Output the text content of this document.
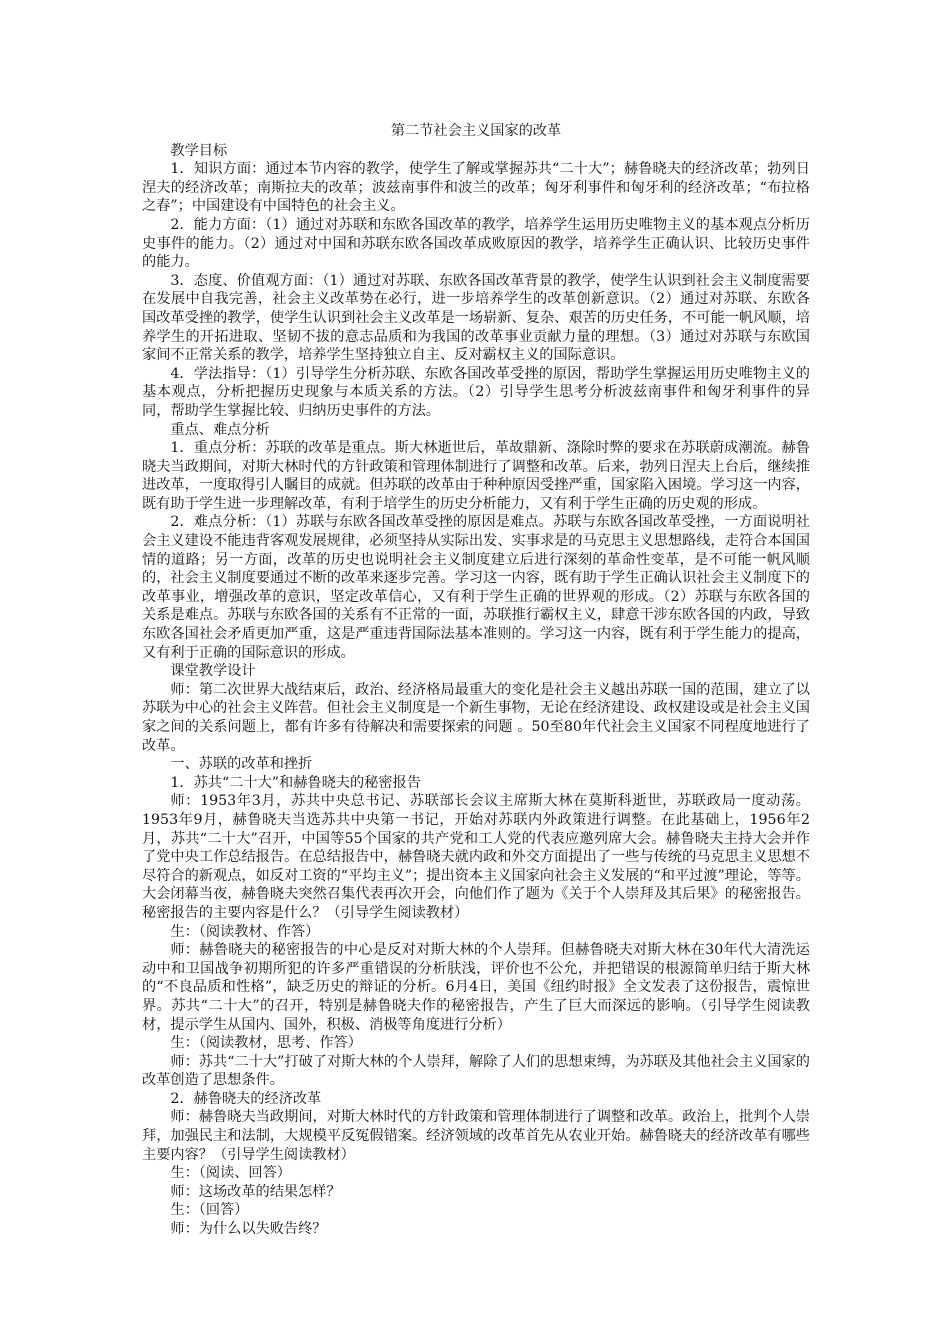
第二节社会主义国家的改革

教学目标

1．知识方面：通过本节内容的教学，使学生了解或掌握苏共“二十大”；赫鲁晓夫的经济改革；勃列日涅夫的经济改革；南斯拉夫的改革；波兹南事件和波兰的改革；匈牙利事件和匈牙利的经济改革；“布拉格之春”；中国建设有中国特色的社会主义。

2．能力方面：（1）通过对苏联和东欧各国改革的教学，培养学生运用历史唯物主义的基本观点分析历史事件的能力。（2）通过对中国和苏联东欧各国改革成败原因的教学，培养学生正确认识、比较历史事件的能力。

3．态度、价值观方面：（1）通过对苏联、东欧各国改革背景的教学，使学生认识到社会主义制度需要在发展中自我完善，社会主义改革势在必行，进一步培养学生的改革创新意识。（2）通过对苏联、东欧各国改革受挫的教学，使学生认识到社会主义改革是一场崭新、复杂、艰苦的历史任务，不可能一帆风顺，培养学生的开拓进取、坚韧不拔的意志品质和为我国的改革事业贡献力量的理想。（3）通过对苏联与东欧国家间不正常关系的教学，培养学生坚持独立自主、反对霸权主义的国际意识。

4．学法指导：（1）引导学生分析苏联、东欧各国改革受挫的原因，帮助学生掌握运用历史唯物主义的基本观点，分析把握历史现象与本质关系的方法。（2）引导学生思考分析波兹南事件和匈牙利事件的异同，帮助学生掌握比较、归纳历史事件的方法。

重点、难点分析

1．重点分析：苏联的改革是重点。斯大林逝世后，革故鼎新、涤除时弊的要求在苏联蔚成潮流。赫鲁晓夫当政期间，对斯大林时代的方针政策和管理体制进行了调整和改革。后来，勃列日涅夫上台后，继续推进改革，一度取得引人瞩目的成就。但苏联的改革由于种种原因受挫严重，国家陷入困境。学习这一内容，既有助于学生进一步理解改革，有利于培学生的历史分析能力，又有利于学生正确的历史观的形成。

2．难点分析：（1）苏联与东欧各国改革受挫的原因是难点。苏联与东欧各国改革受挫，一方面说明社会主义建设不能违背客观发展规律，必须坚持从实际出发、实事求是的马克思主义思想路线，走符合本国国情的道路；另一方面，改革的历史也说明社会主义制度建立后进行深刻的革命性变革，是不可能一帆风顺的，社会主义制度要通过不断的改革来逐步完善。学习这一内容，既有助于学生正确认识社会主义制度下的改革事业，增强改革的意识，坚定改革信心，又有利于学生正确的世界观的形成。（2）苏联与东欧各国的关系是难点。苏联与东欧各国的关系有不正常的一面，苏联推行霸权主义，肆意干涉东欧各国的内政，导致东欧各国社会矛盾更加严重，这是严重违背国际法基本准则的。学习这一内容，既有利于学生能力的提高，又有利于正确的国际意识的形成。

课堂教学设计

师：第二次世界大战结束后，政治、经济格局最重大的变化是社会主义越出苏联一国的范围，建立了以苏联为中心的社会主义阵营。但社会主义制度是一个新生事物，无论在经济建设、政权建设或是社会主义国家之间的关系问题上，都有许多有待解决和需要探索的问题 。50至80年代社会主义国家不同程度地进行了改革。

一、苏联的改革和挫折

1．苏共“二十大”和赫鲁晓夫的秘密报告

师：1953年3月，苏共中央总书记、苏联部长会议主席斯大林在莫斯科逝世，苏联政局一度动荡。1953年9月，赫鲁晓夫当选苏共中央第一书记，开始对苏联内外政策进行调整。在此基础上，1956年2月，苏共“二十大”召开，中国等55个国家的共产党和工人党的代表应邀列席大会。赫鲁晓夫主持大会并作了党中央工作总结报告。在总结报告中，赫鲁晓夫就内政和外交方面提出了一些与传统的马克思主义思想不尽符合的新观点，如反对工资的“平均主义”；提出资本主义国家向社会主义发展的“和平过渡”理论，等等。大会闭幕当夜，赫鲁晓夫突然召集代表再次开会，向他们作了题为《关于个人崇拜及其后果》的秘密报告。秘密报告的主要内容是什么？（引导学生阅读教材）

生：（阅读教材、作答）

师：赫鲁晓夫的秘密报告的中心是反对对斯大林的个人崇拜。但赫鲁晓夫对斯大林在30年代大清洗运动中和卫国战争初期所犯的许多严重错误的分析肤浅，评价也不公允，并把错误的根源简单归结于斯大林的“不良品质和性格”，缺乏历史的辩证的分析。6月4日，美国《纽约时报》全文发表了这份报告，震惊世界。苏共“二十大”的召开，特别是赫鲁晓夫作的秘密报告，产生了巨大而深远的影响。（引导学生阅读教材，提示学生从国内、国外，积极、消极等角度进行分析）

生：（阅读教材，思考、作答）

师：苏共“二十大”打破了对斯大林的个人崇拜，解除了人们的思想束缚，为苏联及其他社会主义国家的改革创造了思想条件。

2．赫鲁晓夫的经济改革

师：赫鲁晓夫当政期间，对斯大林时代的方针政策和管理体制进行了调整和改革。政治上，批判个人崇拜，加强民主和法制，大规模平反冤假错案。经济领域的改革首先从农业开始。赫鲁晓夫的经济改革有哪些主要内容？（引导学生阅读教材）

生：（阅读、回答）

师：这场改革的结果怎样？

生：（回答）

师：为什么以失败告终？
